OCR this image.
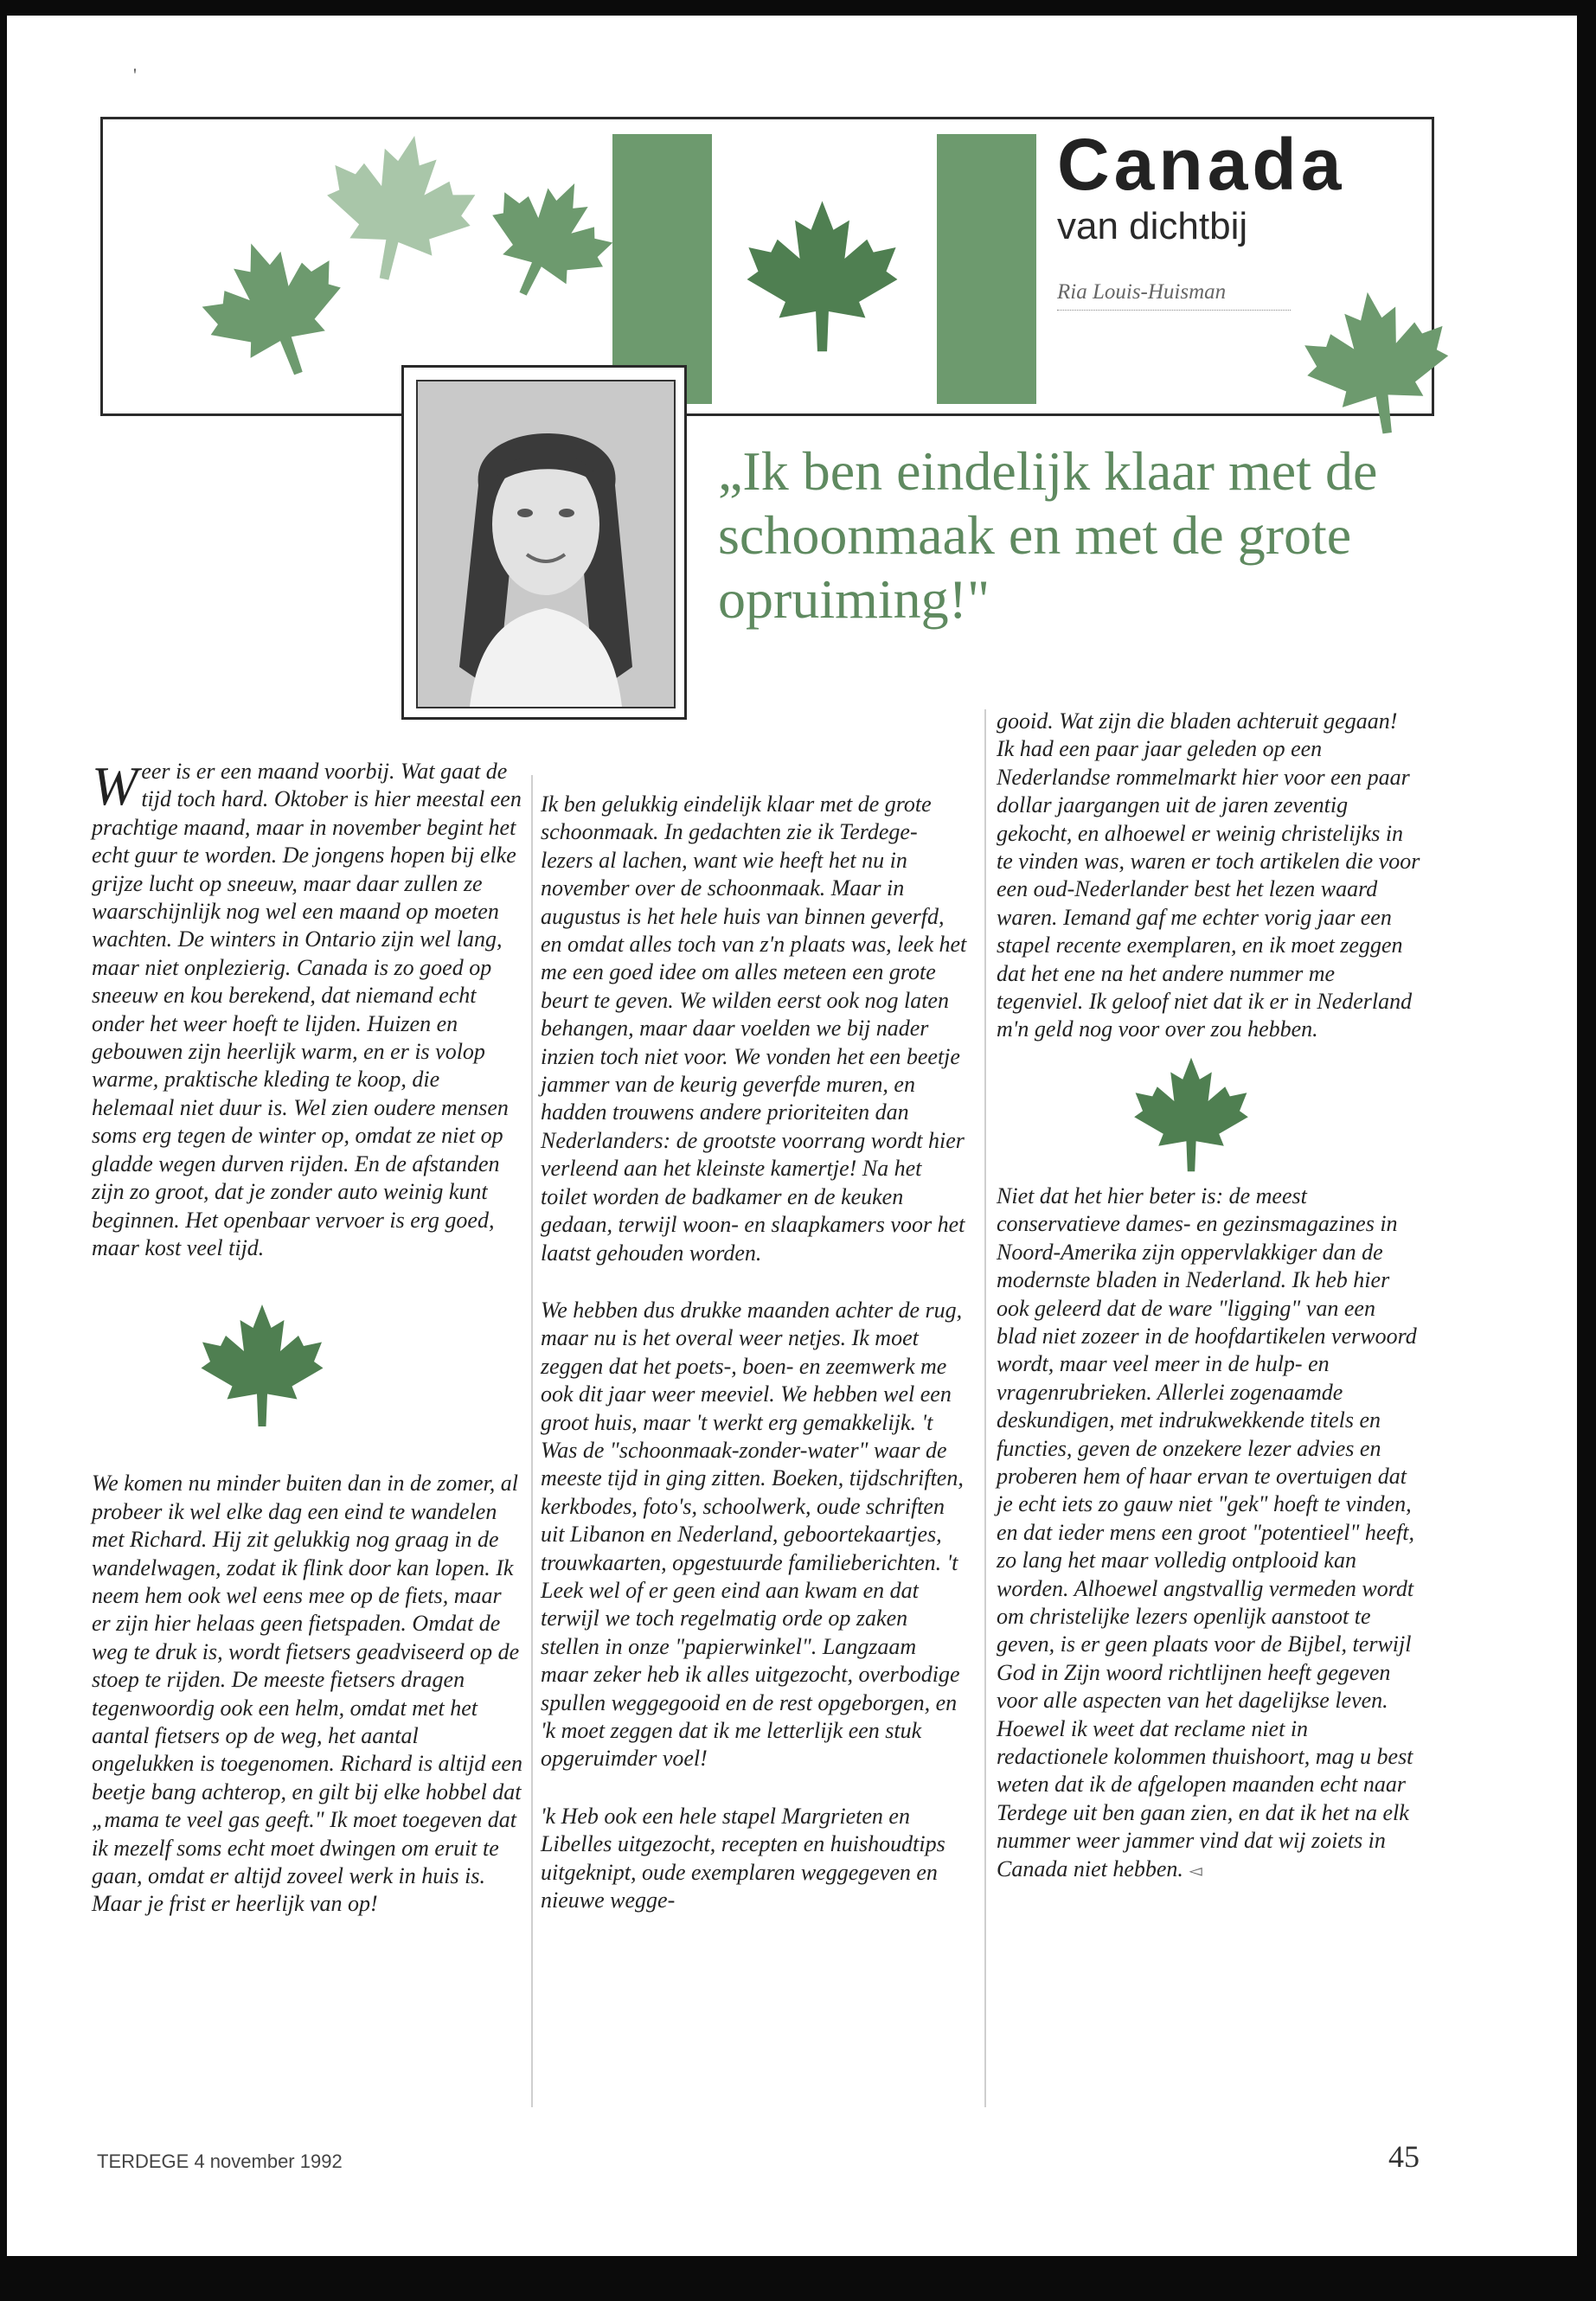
'
Canada
van dichtbij
Ria Louis-Huisman
„Ik ben eindelijk klaar met de schoonmaak en met de grote opruiming!"

Weer is er een maand voorbij. Wat gaat de tijd toch hard. Oktober is hier meestal een prachtige maand, maar in november begint het echt guur te worden. De jongens hopen bij elke grijze lucht op sneeuw, maar daar zullen ze waarschijnlijk nog wel een maand op moeten wachten. De winters in Ontario zijn wel lang, maar niet onplezierig. Canada is zo goed op sneeuw en kou berekend, dat niemand echt onder het weer hoeft te lijden. Huizen en gebouwen zijn heerlijk warm, en er is volop warme, praktische kleding te koop, die helemaal niet duur is. Wel zien oudere mensen soms erg tegen de winter op, omdat ze niet op gladde wegen durven rijden. En de afstanden zijn zo groot, dat je zonder auto weinig kunt beginnen. Het openbaar vervoer is erg goed, maar kost veel tijd.

We komen nu minder buiten dan in de zomer, al probeer ik wel elke dag een eind te wandelen met Richard. Hij zit gelukkig nog graag in de wandelwagen, zodat ik flink door kan lopen. Ik neem hem ook wel eens mee op de fiets, maar er zijn hier helaas geen fietspaden. Omdat de weg te druk is, wordt fietsers geadviseerd op de stoep te rijden. De meeste fietsers dragen tegenwoordig ook een helm, omdat met het aantal fietsers op de weg, het aantal ongelukken is toegenomen. Richard is altijd een beetje bang achterop, en gilt bij elke hobbel dat „mama te veel gas geeft." Ik moet toegeven dat ik mezelf soms echt moet dwingen om eruit te gaan, omdat er altijd zoveel werk in huis is. Maar je frist er heerlijk van op!

Ik ben gelukkig eindelijk klaar met de grote schoonmaak. In gedachten zie ik Terdege-lezers al lachen, want wie heeft het nu in november over de schoonmaak. Maar in augustus is het hele huis van binnen geverfd, en omdat alles toch van z'n plaats was, leek het me een goed idee om alles meteen een grote beurt te geven. We wilden eerst ook nog laten behangen, maar daar voelden we bij nader inzien toch niet voor. We vonden het een beetje jammer van de keurig geverfde muren, en hadden trouwens andere prioriteiten dan Nederlanders: de grootste voorrang wordt hier verleend aan het kleinste kamertje! Na het toilet worden de badkamer en de keuken gedaan, terwijl woon- en slaapkamers voor het laatst gehouden worden.

We hebben dus drukke maanden achter de rug, maar nu is het overal weer netjes. Ik moet zeggen dat het poets-, boen- en zeemwerk me ook dit jaar weer meeviel. We hebben wel een groot huis, maar 't werkt erg gemakkelijk. 't Was de "schoonmaak-zonder-water" waar de meeste tijd in ging zitten. Boeken, tijdschriften, kerkbodes, foto's, schoolwerk, oude schriften uit Libanon en Nederland, geboortekaartjes, trouwkaarten, opgestuurde familieberichten. 't Leek wel of er geen eind aan kwam en dat terwijl we toch regelmatig orde op zaken stellen in onze "papierwinkel". Langzaam maar zeker heb ik alles uitgezocht, overbodige spullen weggegooid en de rest opgeborgen, en 'k moet zeggen dat ik me letterlijk een stuk opgeruimder voel!

'k Heb ook een hele stapel Margrieten en Libelles uitgezocht, recepten en huishoudtips uitgeknipt, oude exemplaren weggegeven en nieuwe wegge-

gooid. Wat zijn die bladen achteruit gegaan! Ik had een paar jaar geleden op een Nederlandse rommelmarkt hier voor een paar dollar jaargangen uit de jaren zeventig gekocht, en alhoewel er weinig christelijks in te vinden was, waren er toch artikelen die voor een oud-Nederlander best het lezen waard waren. Iemand gaf me echter vorig jaar een stapel recente exemplaren, en ik moet zeggen dat het ene na het andere nummer me tegenviel. Ik geloof niet dat ik er in Nederland m'n geld nog voor over zou hebben.

Niet dat het hier beter is: de meest conservatieve dames- en gezinsmagazines in Noord-Amerika zijn oppervlakkiger dan de modernste bladen in Nederland. Ik heb hier ook geleerd dat de ware "ligging" van een blad niet zozeer in de hoofdartikelen verwoord wordt, maar veel meer in de hulp- en vragenrubrieken. Allerlei zogenaamde deskundigen, met indrukwekkende titels en functies, geven de onzekere lezer advies en proberen hem of haar ervan te overtuigen dat je echt iets zo gauw niet "gek" hoeft te vinden, en dat ieder mens een groot "potentieel" heeft, zo lang het maar volledig ontplooid kan worden. Alhoewel angstvallig vermeden wordt om christelijke lezers openlijk aanstoot te geven, is er geen plaats voor de Bijbel, terwijl God in Zijn woord richtlijnen heeft gegeven voor alle aspecten van het dagelijkse leven. Hoewel ik weet dat reclame niet in redactionele kolommen thuishoort, mag u best weten dat ik de afgelopen maanden echt naar Terdege uit ben gaan zien, en dat ik het na elk nummer weer jammer vind dat wij zoiets in Canada niet hebben. ◅

TERDEGE 4 november 1992	45
